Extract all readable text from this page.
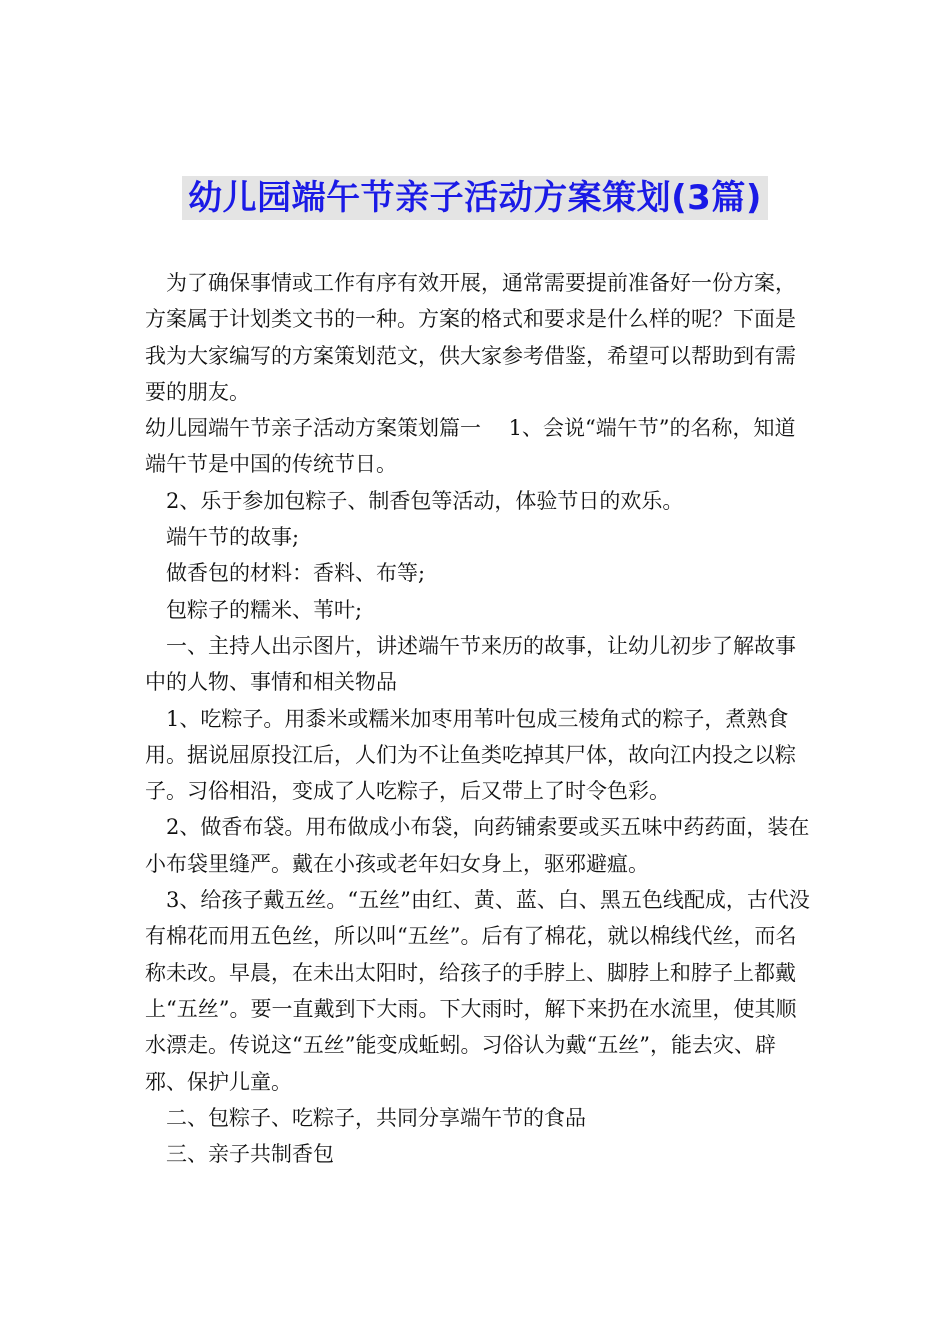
幼儿园端午节亲子活动方案策划(3篇)

为了确保事情或工作有序有效开展，通常需要提前准备好一份方案，方案属于计划类文书的一种。方案的格式和要求是什么样的呢？下面是我为大家编写的方案策划范文，供大家参考借鉴，希望可以帮助到有需要的朋友。

幼儿园端午节亲子活动方案策划篇一　 1、会说“端午节”的名称，知道端午节是中国的传统节日。

2、乐于参加包粽子、制香包等活动，体验节日的欢乐。

端午节的故事;

做香包的材料：香料、布等;

包粽子的糯米、苇叶;

一、主持人出示图片，讲述端午节来历的故事，让幼儿初步了解故事中的人物、事情和相关物品

1、吃粽子。用黍米或糯米加枣用苇叶包成三棱角式的粽子，煮熟食用。据说屈原投江后，人们为不让鱼类吃掉其尸体，故向江内投之以粽子。习俗相沿，变成了人吃粽子，后又带上了时令色彩。

2、做香布袋。用布做成小布袋，向药铺索要或买五味中药药面，装在小布袋里缝严。戴在小孩或老年妇女身上，驱邪避瘟。

3、给孩子戴五丝。“五丝”由红、黄、蓝、白、黑五色线配成，古代没有棉花而用五色丝，所以叫“五丝”。后有了棉花，就以棉线代丝，而名称未改。早晨，在未出太阳时，给孩子的手脖上、脚脖上和脖子上都戴上“五丝”。要一直戴到下大雨。下大雨时，解下来扔在水流里，使其顺水漂走。传说这“五丝”能变成蚯蚓。习俗认为戴“五丝”，能去灾、辟邪、保护儿童。

二、包粽子、吃粽子，共同分享端午节的食品

三、亲子共制香包
